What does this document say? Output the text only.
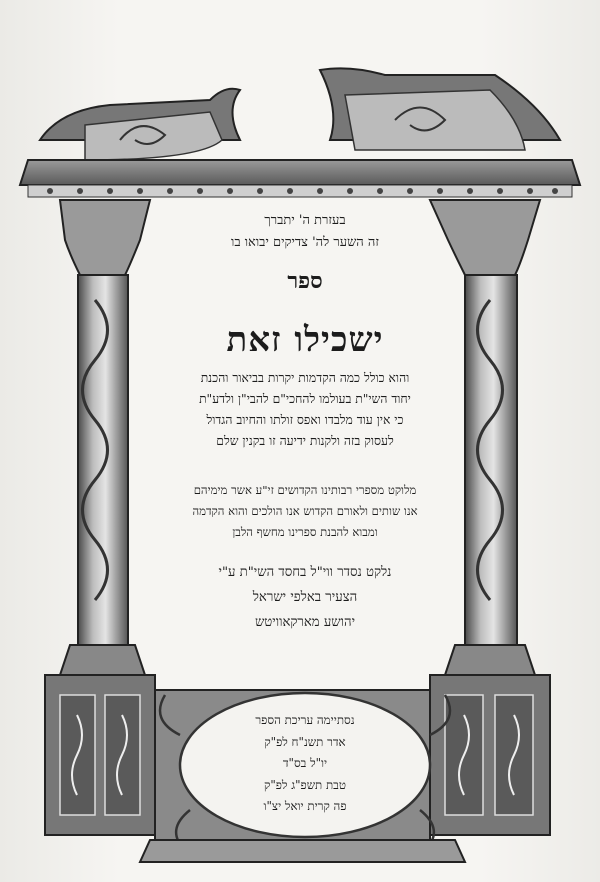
בעזרת ה' יתברך
זה השער לה' צדיקים יבואו בו
ספר
ישכילו זאת
והוא כולל כמה הקדמות יקרות בביאור והכנת
יחוד השי"ת בעולמו להחכי"ם להבי"ן ולדע"ת
כי אין עוד מלבדו ואפס זולתו והחיוב הגדול
לעסוק בזה ולקנות ידיעה זו בקנין שלם
מלוקט מספרי רבותינו הקדושים זי"ע אשר מימיהם
אנו שותים ולאורם הקדוש אנו הולכים והוא הקדמה
ומבוא להבנת ספרינו מחשף הלבן
נלקט נסדר ווי"ל בחסד השי"ת ע"י
הצעיר באלפי ישראל
יהושע מארקאוויטש
נסתיימה עריכת הספר
אדר תשנ"ח לפ"ק
יו"ל בס"ד
טבת תשפ"ג לפ"ק
פה קרית יואל יצ"ו
